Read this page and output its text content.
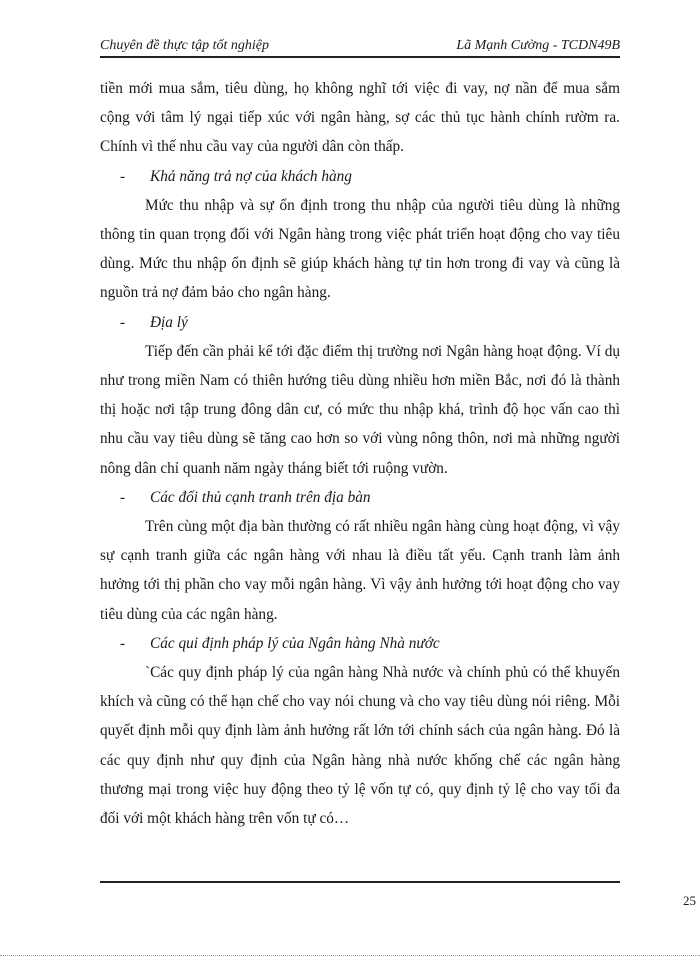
Chuyên đề thực tập tốt nghiệp	Lã Mạnh Cường - TCDN49B

tiền mới mua sắm, tiêu dùng, họ không nghĩ tới việc đi vay, nợ nần để mua sắm cộng với tâm lý ngại tiếp xúc với ngân hàng, sợ các thủ tục hành chính rườm ra. Chính vì thế nhu cầu vay của người dân còn thấp.

- Khả năng trả nợ của khách hàng

Mức thu nhập và sự ổn định trong thu nhập của người tiêu dùng là những thông tin quan trọng đối với Ngân hàng trong việc phát triển hoạt động cho vay tiêu dùng. Mức thu nhập ổn định sẽ giúp khách hàng tự tin hơn trong đi vay và cũng là nguồn trả nợ đảm bảo cho ngân hàng.

- Địa lý

Tiếp đến cần phải kể tới đặc điểm thị trường nơi Ngân hàng hoạt động. Ví dụ như trong miền Nam có thiên hướng tiêu dùng nhiều hơn miền Bắc, nơi đó là thành thị hoặc nơi tập trung đông dân cư, có mức thu nhập khá, trình độ học vấn cao thì nhu cầu vay tiêu dùng sẽ tăng cao hơn so với vùng nông thôn, nơi mà những người nông dân chỉ quanh năm ngày tháng biết tới ruộng vườn.

- Các đối thủ cạnh tranh trên địa bàn

Trên cùng một địa bàn thường có rất nhiều ngân hàng cùng hoạt động, vì vậy sự cạnh tranh giữa các ngân hàng với nhau là điều tất yếu. Cạnh tranh làm ảnh hưởng tới thị phần cho vay mỗi ngân hàng. Vì vậy ảnh hưởng tới hoạt động cho vay tiêu dùng của các ngân hàng.

- Các qui định pháp lý của Ngân hàng Nhà nước

`Các quy định pháp lý của ngân hàng Nhà nước và chính phủ có thể khuyến khích và cũng có thể hạn chế cho vay nói chung và cho vay tiêu dùng nói riêng. Mỗi quyết định mỗi quy định làm ảnh hưởng rất lớn tới chính sách của ngân hàng. Đó là các quy định như quy định của Ngân hàng nhà nước khống chế các ngân hàng thương mại trong việc huy động theo tỷ lệ vốn tự có, quy định tỷ lệ cho vay tối đa đối với một khách hàng trên vốn tự có…

25
